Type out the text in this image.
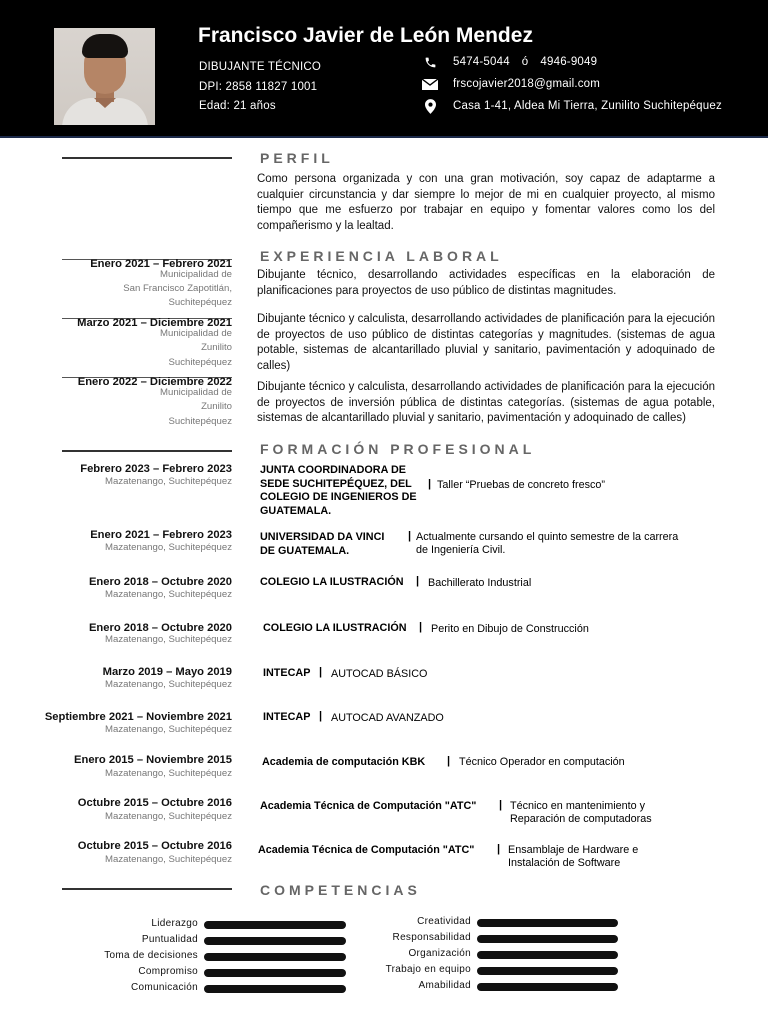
Francisco Javier de León Mendez
DIBUJANTE TÉCNICO
DPI: 2858 11827 1001
Edad: 21 años
5474-5044 ó 4946-9049
frscojavier2018@gmail.com
Casa 1-41, Aldea Mi Tierra, Zunilito Suchitepéquez
PERFIL
Como persona organizada y con una gran motivación, soy capaz de adaptarme a cualquier circunstancia y dar siempre lo mejor de mi en cualquier proyecto, al mismo tiempo que me esfuerzo por trabajar en equipo y fomentar valores como los del compañerismo y la lealtad.
EXPERIENCIA LABORAL
Enero 2021 – Febrero 2021
Municipalidad de
San Francisco Zapotitlán,
Suchitepéquez
Dibujante técnico, desarrollando actividades específicas en la elaboración de planificaciones para proyectos de uso público de distintas magnitudes.
Marzo 2021 – Diciembre 2021
Municipalidad de
Zunilito
Suchitepéquez
Dibujante técnico y calculista, desarrollando actividades de planificación para la ejecución de proyectos de uso público de distintas categorías y magnitudes. (sistemas de agua potable, sistemas de alcantarillado pluvial y sanitario, pavimentación y adoquinado de calles)
Enero 2022 – Diciembre 2022
Municipalidad de
Zunilito
Suchitepéquez
Dibujante técnico y calculista, desarrollando actividades de planificación para la ejecución de proyectos de inversión pública de distintas categorías. (sistemas de agua potable, sistemas de alcantarillado pluvial y sanitario, pavimentación y adoquinado de calles)
FORMACIÓN PROFESIONAL
Febrero 2023 – Febrero 2023
Mazatenango, Suchitepéquez
JUNTA COORDINADORA DE
SEDE SUCHITEPÉQUEZ, DEL
COLEGIO DE INGENIEROS DE
GUATEMALA.
| Taller “Pruebas de concreto fresco”
Enero 2021 – Febrero 2023
Mazatenango, Suchitepéquez
UNIVERSIDAD DA VINCI
DE GUATEMALA.
| Actualmente cursando el quinto semestre de la carrera
de Ingeniería Civil.
Enero 2018 – Octubre 2020
Mazatenango, Suchitepéquez
COLEGIO LA ILUSTRACIÓN | Bachillerato Industrial
Enero 2018 – Octubre 2020
Mazatenango, Suchitepéquez
COLEGIO LA ILUSTRACIÓN | Perito en Dibujo de Construcción
Marzo 2019 – Mayo 2019
Mazatenango, Suchitepéquez
INTECAP | AUTOCAD BÁSICO
Septiembre 2021 – Noviembre 2021
Mazatenango, Suchitepéquez
INTECAP | AUTOCAD AVANZADO
Enero 2015 – Noviembre 2015
Mazatenango, Suchitepéquez
Academia de computación KBK | Técnico Operador en computación
Octubre 2015 – Octubre 2016
Mazatenango, Suchitepéquez
Academia Técnica de Computación "ATC" | Técnico en mantenimiento y
Reparación de computadoras
Octubre 2015 – Octubre 2016
Mazatenango, Suchitepéquez
Academia Técnica de Computación "ATC" | Ensamblaje de Hardware e
Instalación de Software
COMPETENCIAS
Liderazgo
Puntualidad
Toma de decisiones
Compromiso
Comunicación
Creatividad
Responsabilidad
Organización
Trabajo en equipo
Amabilidad
